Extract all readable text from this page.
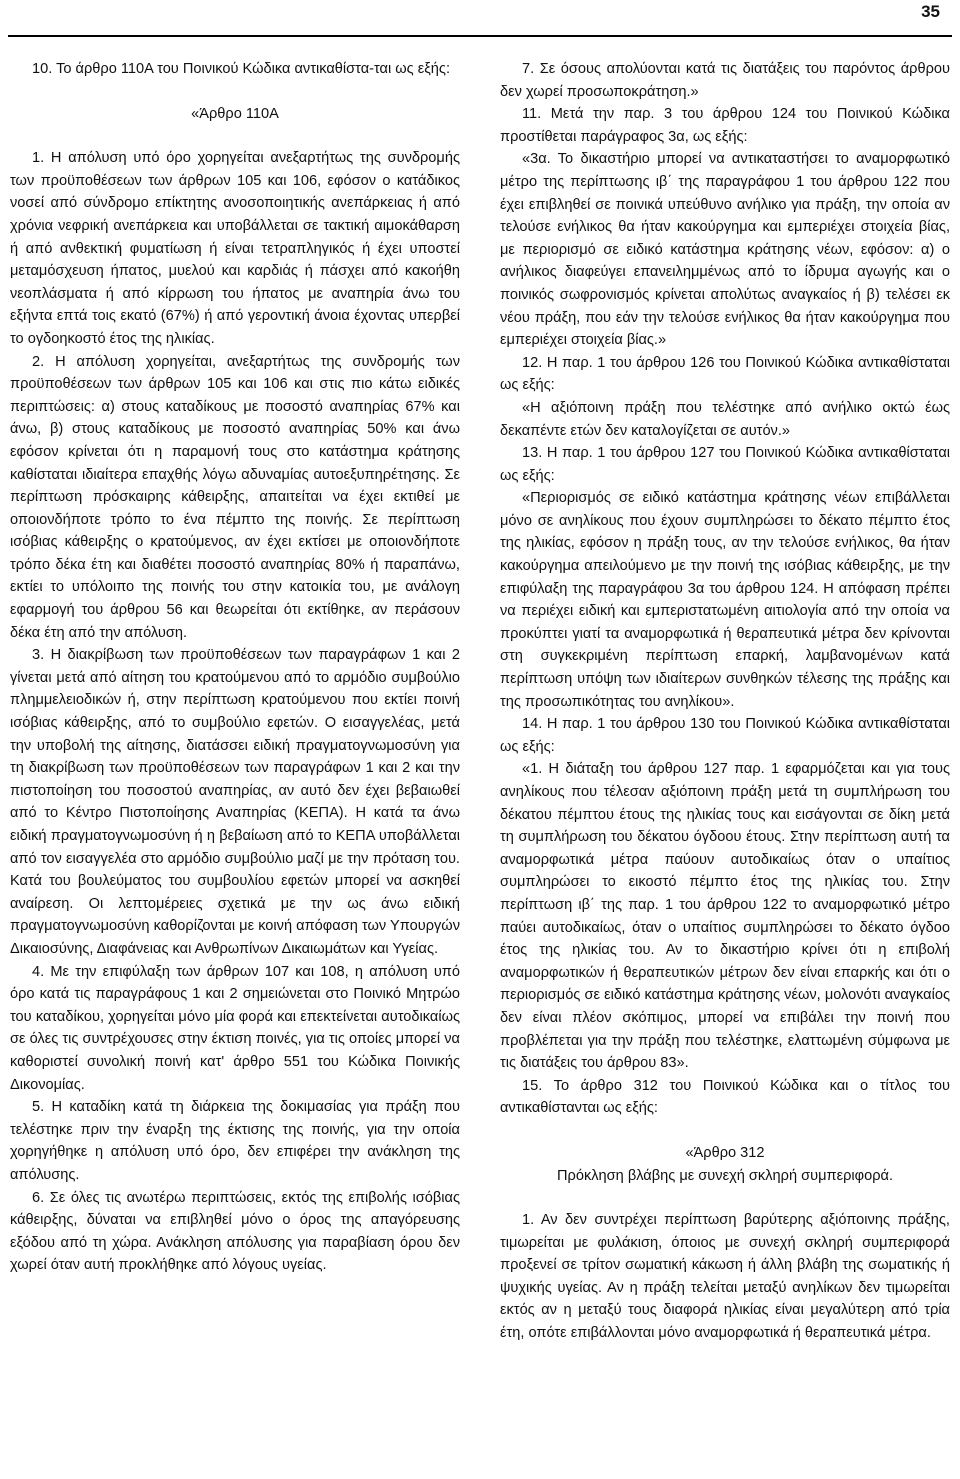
35

10. Το άρθρο 110Α του Ποινικού Κώδικα αντικαθίστα-ται ως εξής:

«Άρθρο 110Α

1. Η απόλυση υπό όρο χορηγείται ανεξαρτήτως της συνδρομής των προϋποθέσεων των άρθρων 105 και 106, εφόσον ο κατάδικος νοσεί από σύνδρομο επίκτητης ανοσοποιητικής ανεπάρκειας ή από χρόνια νεφρική ανεπάρκεια και υποβάλλεται σε τακτική αιμοκάθαρση ή από ανθεκτική φυματίωση ή είναι τετραπληγικός ή έχει υποστεί μεταμόσχευση ήπατος, μυελού και καρδιάς ή πάσχει από κακοήθη νεοπλάσματα ή από κίρρωση του ήπατος με αναπηρία άνω του εξήντα επτά τοις εκατό (67%) ή από γεροντική άνοια έχοντας υπερβεί το ογδοηκοστό έτος της ηλικίας.

2. Η απόλυση χορηγείται, ανεξαρτήτως της συνδρομής των προϋποθέσεων των άρθρων 105 και 106 και στις πιο κάτω ειδικές περιπτώσεις: α) στους καταδίκους με ποσοστό αναπηρίας 67% και άνω, β) στους καταδίκους με ποσοστό αναπηρίας 50% και άνω εφόσον κρίνεται ότι η παραμονή τους στο κατάστημα κράτησης καθίσταται ιδιαίτερα επαχθής λόγω αδυναμίας αυτοεξυπηρέτησης. Σε περίπτωση πρόσκαιρης κάθειρξης, απαιτείται να έχει εκτιθεί με οποιονδήποτε τρόπο το ένα πέμπτο της ποινής. Σε περίπτωση ισόβιας κάθειρξης ο κρατούμενος, αν έχει εκτίσει με οποιονδήποτε τρόπο δέκα έτη και διαθέτει ποσοστό αναπηρίας 80% ή παραπάνω, εκτίει το υπόλοιπο της ποινής του στην κατοικία του, με ανάλογη εφαρμογή του άρθρου 56 και θεωρείται ότι εκτίθηκε, αν περάσουν δέκα έτη από την απόλυση.

3. Η διακρίβωση των προϋποθέσεων των παραγράφων 1 και 2 γίνεται μετά από αίτηση του κρατούμενου από το αρμόδιο συμβούλιο πλημμελειοδικών ή, στην περίπτωση κρατούμενου που εκτίει ποινή ισόβιας κάθειρξης, από το συμβούλιο εφετών. Ο εισαγγελέας, μετά την υποβολή της αίτησης, διατάσσει ειδική πραγματογνωμοσύνη για τη διακρίβωση των προϋποθέσεων των παραγράφων 1 και 2 και την πιστοποίηση του ποσοστού αναπηρίας, αν αυτό δεν έχει βεβαιωθεί από το Κέντρο Πιστοποίησης Αναπηρίας (ΚΕΠΑ). Η κατά τα άνω ειδική πραγματογνωμοσύνη ή η βεβαίωση από το ΚΕΠΑ υποβάλλεται από τον εισαγγελέα στο αρμόδιο συμβούλιο μαζί με την πρόταση του. Κατά του βουλεύματος του συμβουλίου εφετών μπορεί να ασκηθεί αναίρεση. Οι λεπτομέρειες σχετικά με την ως άνω ειδική πραγματογνωμοσύνη καθορίζονται με κοινή απόφαση των Υπουργών Δικαιοσύνης, Διαφάνειας και Ανθρωπίνων Δικαιωμάτων και Υγείας.

4. Με την επιφύλαξη των άρθρων 107 και 108, η απόλυση υπό όρο κατά τις παραγράφους 1 και 2 σημειώνεται στο Ποινικό Μητρώο του καταδίκου, χορηγείται μόνο μία φορά και επεκτείνεται αυτοδικαίως σε όλες τις συντρέχουσες στην έκτιση ποινές, για τις οποίες μπορεί να καθοριστεί συνολική ποινή κατ' άρθρο 551 του Κώδικα Ποινικής Δικονομίας.

5. Η καταδίκη κατά τη διάρκεια της δοκιμασίας για πράξη που τελέστηκε πριν την έναρξη της έκτισης της ποινής, για την οποία χορηγήθηκε η απόλυση υπό όρο, δεν επιφέρει την ανάκληση της απόλυσης.

6. Σε όλες τις ανωτέρω περιπτώσεις, εκτός της επιβολής ισόβιας κάθειρξης, δύναται να επιβληθεί μόνο ο όρος της απαγόρευσης εξόδου από τη χώρα. Ανάκληση απόλυσης για παραβίαση όρου δεν χωρεί όταν αυτή προκλήθηκε από λόγους υγείας.

7. Σε όσους απολύονται κατά τις διατάξεις του παρόντος άρθρου δεν χωρεί προσωποκράτηση.»

11. Μετά την παρ. 3 του άρθρου 124 του Ποινικού Κώδικα προστίθεται παράγραφος 3α, ως εξής:

«3α. Το δικαστήριο μπορεί να αντικαταστήσει το αναμορφωτικό μέτρο της περίπτωσης ιβ΄ της παραγράφου 1 του άρθρου 122 που έχει επιβληθεί σε ποινικά υπεύθυνο ανήλικο για πράξη, την οποία αν τελούσε ενήλικος θα ήταν κακούργημα και εμπεριέχει στοιχεία βίας, με περιορισμό σε ειδικό κατάστημα κράτησης νέων, εφόσον: α) ο ανήλικος διαφεύγει επανειλημμένως από το ίδρυμα αγωγής και ο ποινικός σωφρονισμός κρίνεται απολύτως αναγκαίος ή β) τελέσει εκ νέου πράξη, που εάν την τελούσε ενήλικος θα ήταν κακούργημα που εμπεριέχει στοιχεία βίας.»

12. Η παρ. 1 του άρθρου 126 του Ποινικού Κώδικα αντικαθίσταται ως εξής:

«Η αξιόποινη πράξη που τελέστηκε από ανήλικο οκτώ έως δεκαπέντε ετών δεν καταλογίζεται σε αυτόν.»

13. Η παρ. 1 του άρθρου 127 του Ποινικού Κώδικα αντικαθίσταται ως εξής:

«Περιορισμός σε ειδικό κατάστημα κράτησης νέων επιβάλλεται μόνο σε ανηλίκους που έχουν συμπληρώσει το δέκατο πέμπτο έτος της ηλικίας, εφόσον η πράξη τους, αν την τελούσε ενήλικος, θα ήταν κακούργημα απειλούμενο με την ποινή της ισόβιας κάθειρξης, με την επιφύλαξη της παραγράφου 3α του άρθρου 124. Η απόφαση πρέπει να περιέχει ειδική και εμπεριστατωμένη αιτιολογία από την οποία να προκύπτει γιατί τα αναμορφωτικά ή θεραπευτικά μέτρα δεν κρίνονται στη συγκεκριμένη περίπτωση επαρκή, λαμβανομένων κατά περίπτωση υπόψη των ιδιαίτερων συνθηκών τέλεσης της πράξης και της προσωπικότητας του ανηλίκου».

14. Η παρ. 1 του άρθρου 130 του Ποινικού Κώδικα αντικαθίσταται ως εξής:

«1. Η διάταξη του άρθρου 127 παρ. 1 εφαρμόζεται και για τους ανηλίκους που τέλεσαν αξιόποινη πράξη μετά τη συμπλήρωση του δέκατου πέμπτου έτους της ηλικίας τους και εισάγονται σε δίκη μετά τη συμπλήρωση του δέκατου όγδοου έτους. Στην περίπτωση αυτή τα αναμορφωτικά μέτρα παύουν αυτοδικαίως όταν ο υπαίτιος συμπληρώσει το εικοστό πέμπτο έτος της ηλικίας του. Στην περίπτωση ιβ΄ της παρ. 1 του άρθρου 122 το αναμορφωτικό μέτρο παύει αυτοδικαίως, όταν ο υπαίτιος συμπληρώσει το δέκατο όγδοο έτος της ηλικίας του. Αν το δικαστήριο κρίνει ότι η επιβολή αναμορφωτικών ή θεραπευτικών μέτρων δεν είναι επαρκής και ότι ο περιορισμός σε ειδικό κατάστημα κράτησης νέων, μολονότι αναγκαίος δεν είναι πλέον σκόπιμος, μπορεί να επιβάλει την ποινή που προβλέπεται για την πράξη που τελέστηκε, ελαττωμένη σύμφωνα με τις διατάξεις του άρθρου 83».

15. Το άρθρο 312 του Ποινικού Κώδικα και ο τίτλος του αντικαθίστανται ως εξής:

«Άρθρο 312

Πρόκληση βλάβης με συνεχή σκληρή συμπεριφορά.

1. Αν δεν συντρέχει περίπτωση βαρύτερης αξιόποινης πράξης, τιμωρείται με φυλάκιση, όποιος με συνεχή σκληρή συμπεριφορά προξενεί σε τρίτον σωματική κάκωση ή άλλη βλάβη της σωματικής ή ψυχικής υγείας. Αν η πράξη τελείται μεταξύ ανηλίκων δεν τιμωρείται εκτός αν η μεταξύ τους διαφορά ηλικίας είναι μεγαλύτερη από τρία έτη, οπότε επιβάλλονται μόνο αναμορφωτικά ή θεραπευτικά μέτρα.
